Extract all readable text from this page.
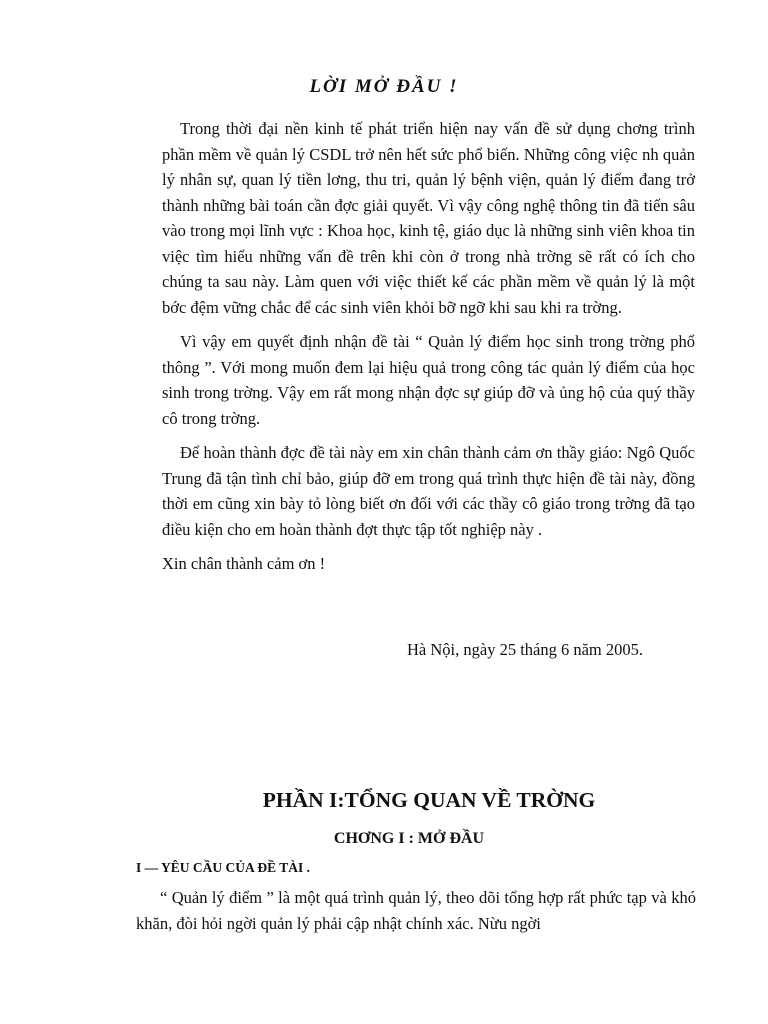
LỜI MỞ ĐẦU !

Trong thời đại nền kinh tế phát triển hiện nay vấn đề sử dụng chơng trình phần mềm về quản lý CSDL trở nên hết sức phổ biến. Những công việc nh quản lý nhân sự, quan lý tiền lơng, thu tri, quản lý bệnh viện, quản lý điểm đang trở thành những bài toán cần đợc giải quyết. Vì vậy công nghệ thông tin đã tiến sâu vào trong mọi lĩnh vực : Khoa học, kinh tệ, giáo dục là những sinh viên khoa tin việc tìm hiểu những vấn đề trên khi còn ở trong nhà trờng sẽ rất có ích cho chúng ta sau này. Làm quen với việc thiết kế các phần mềm về quản lý là một bớc đệm vững chắc để các sinh viên khỏi bỡ ngỡ khi sau khi ra trờng.

Vì vậy em quyết định nhận đề tài “ Quản lý điểm học sinh trong trờng phổ thông ”. Với mong muốn đem lại hiệu quả trong công tác quản lý điểm của học sinh trong trờng. Vậy em rất mong nhận đợc sự giúp đỡ và ủng hộ của quý thầy cô trong trờng.

Để hoàn thành đợc đề tài này em xin chân thành cảm ơn thầy giáo: Ngô Quốc Trung đã tận tình chỉ bảo, giúp đỡ em trong quá trình thực hiện đề tài này, đồng thời em cũng xin bày tỏ lòng biết ơn đối với các thầy cô giáo trong trờng đã tạo điều kiện cho em hoàn thành đợt thực tập tốt nghiệp này .

Xin chân thành cảm ơn !

Hà Nội, ngày 25 tháng 6 năm 2005.
PHẦN I:TỔNG QUAN VỀ TRỜNG
CHƠNG I : MỞ ĐẦU
I — YÊU CẦU CỦA ĐỀ TÀI .

“ Quản lý điểm ” là một quá trình quản lý, theo dõi tổng hợp rất phức tạp và khó khăn, đòi hỏi ngời quản lý phải cập nhật chính xác. Nừu ngời
